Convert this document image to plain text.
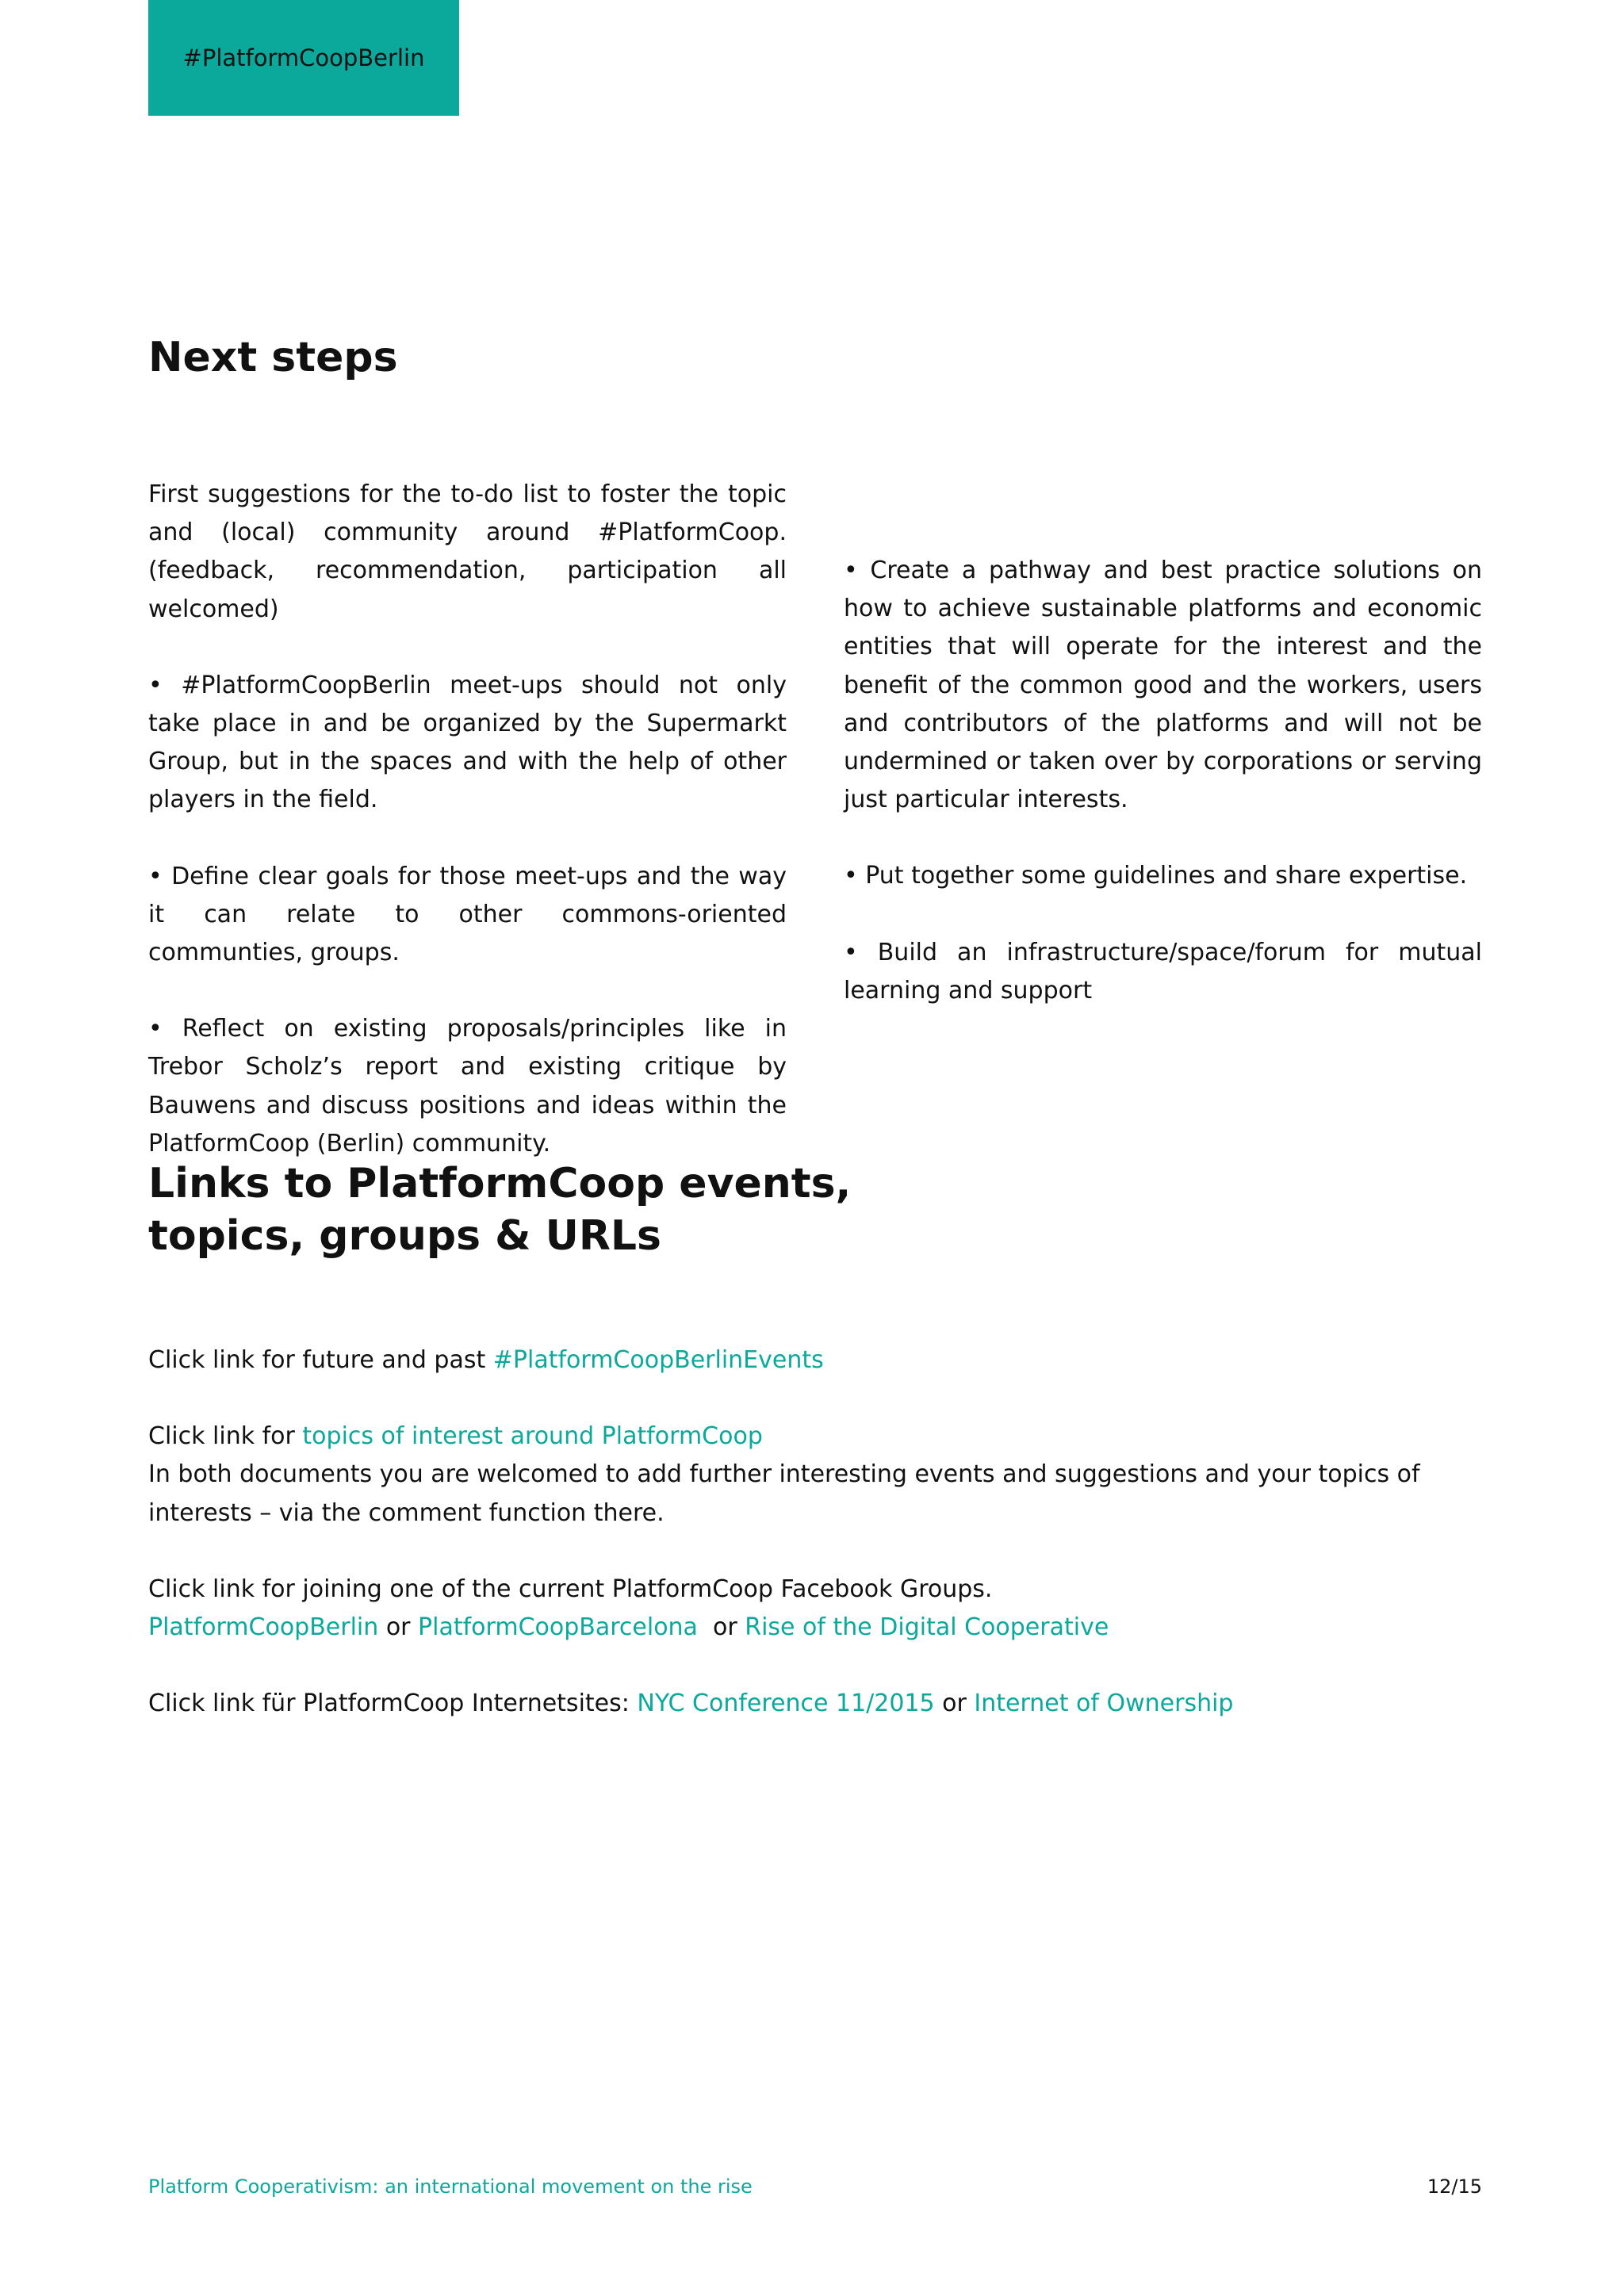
#PlatformCoopBerlin
Next steps

First suggestions for the to-do list to foster the topic and (local) community around #PlatformCoop. (feedback, recommendation, participation all welcomed)

• #PlatformCoopBerlin meet-ups should not only take place in and be organized by the Supermarkt Group, but in the spaces and with the help of other players in the field.

• Define clear goals for those meet-ups and the way it can relate to other commons-oriented communties, groups.

• Reflect on existing proposals/principles like in Trebor Scholz’s report and existing critique by Bauwens and discuss positions and ideas within the PlatformCoop (Berlin) community.

• Create a pathway and best practice solutions on how to achieve sustainable platforms and economic entities that will operate for the interest and the benefit of the common good and the workers, users and contributors of the platforms and will not be undermined or taken over by corporations or serving just particular interests.

• Put together some guidelines and share expertise.

• Build an infrastructure/space/forum for mutual learning and support

Links to PlatformCoop events,
topics, groups & URLs

Click link for future and past #PlatformCoopBerlinEvents

Click link for topics of interest around PlatformCoop
In both documents you are welcomed to add further interesting events and suggestions and your topics of interests – via the comment function there.

Click link for joining one of the current PlatformCoop Facebook Groups.
PlatformCoopBerlin or PlatformCoopBarcelona  or Rise of the Digital Cooperative

Click link für PlatformCoop Internetsites: NYC Conference 11/2015 or Internet of Ownership

Platform Cooperativism: an international movement on the rise	12/15
